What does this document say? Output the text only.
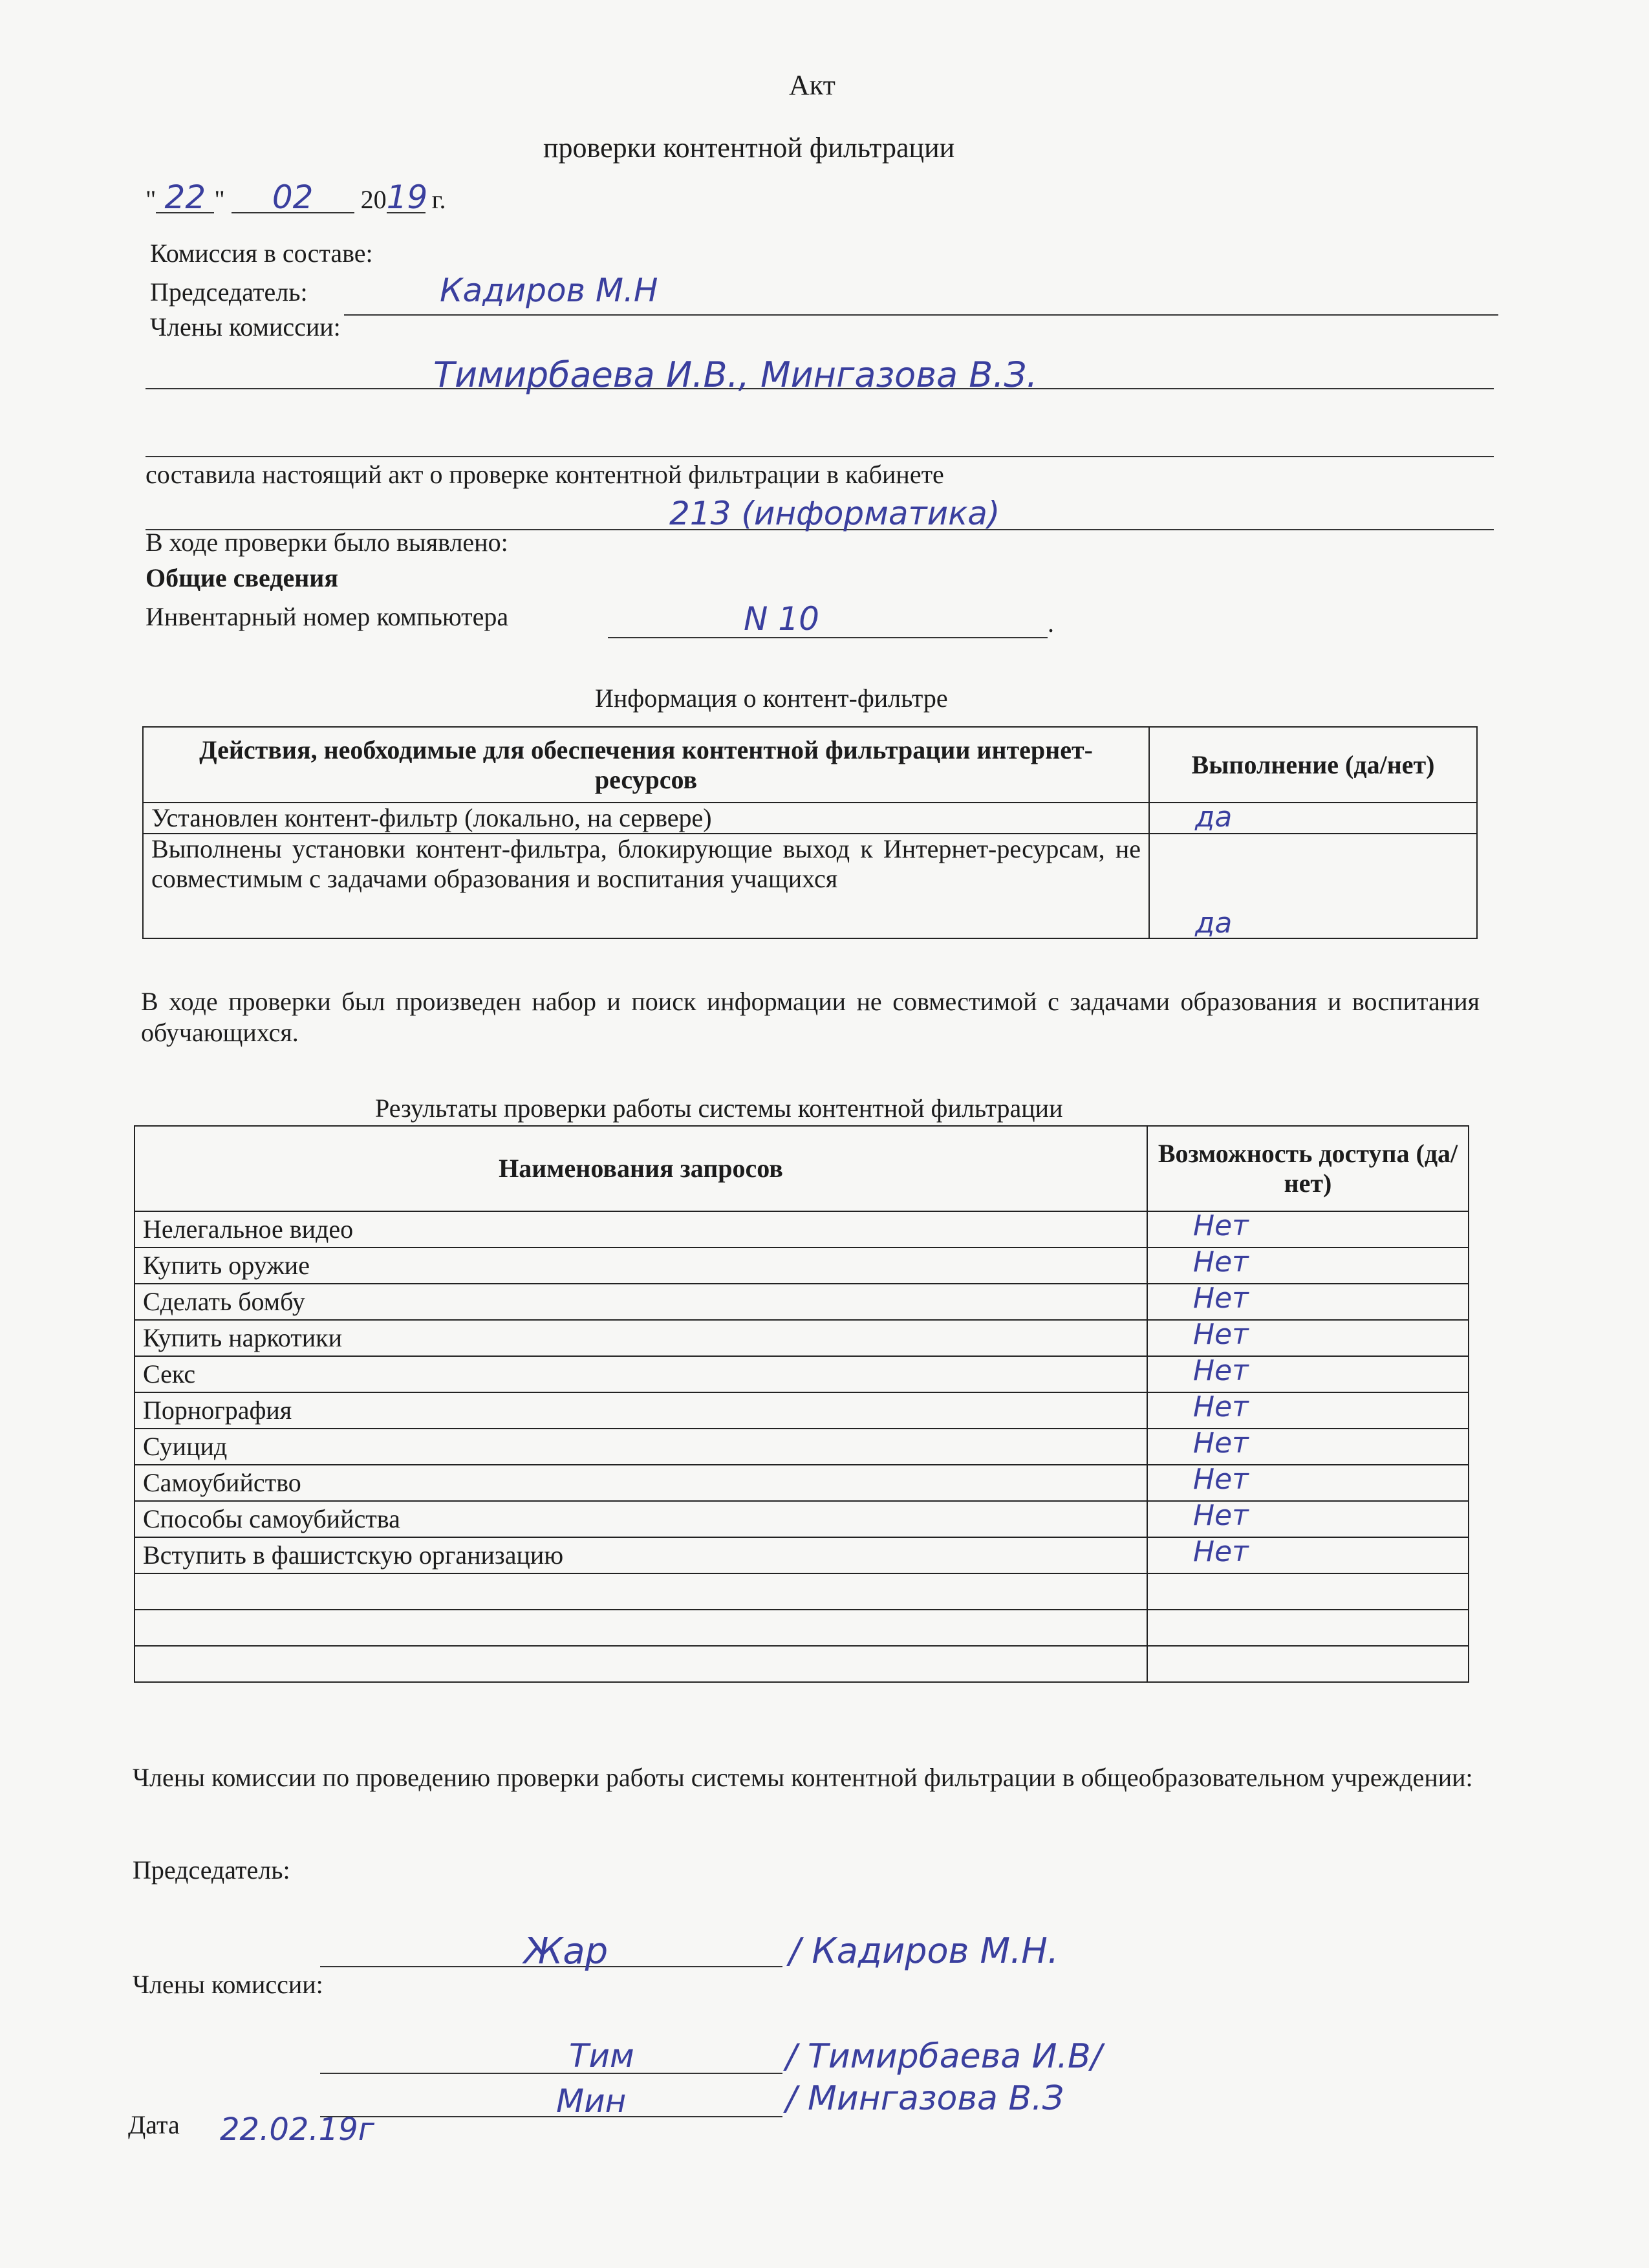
Акт
проверки контентной фильтрации
" 22 " 02 2019 г.
Комиссия в составе:
Председатель:	Кадиров М.Н
Члены комиссии:
Тимирбаева И.В., Мингазова В.З.
составила настоящий акт о проверке контентной фильтрации в кабинете
213 (информатика)
В ходе проверки было выявлено:
Общие сведения
Инвентарный номер компьютера	N 10	.
Информация о контент-фильтре
Действия, необходимые для обеспечения контентной фильтрации интернет-ресурсов	Выполнение (да/нет)
Установлен контент-фильтр (локально, на сервере)	да
Выполнены установки контент-фильтра, блокирующие выход к Интернет-ресурсам, не совместимым с задачами образования и воспитания учащихся	да
В ходе проверки был произведен набор и поиск информации не совместимой с задачами образования и воспитания обучающихся.
Результаты проверки работы системы контентной фильтрации
Наименования запросов	Возможность доступа (да/нет)
Нелегальное видео	Нет
Купить оружие	Нет
Сделать бомбу	Нет
Купить наркотики	Нет
Секс	Нет
Порнография	Нет
Суицид	Нет
Самоубийство	Нет
Способы самоубийства	Нет
Вступить в фашистскую организацию	Нет

Члены комиссии по проведению проверки работы системы контентной фильтрации в общеобразовательном учреждении:
Председатель:
Жар	/ Кадиров М.Н.
Члены комиссии:
Тим	/ Тимирбаева И.В/
Мин	/ Мингазова В.З
Дата 22.02.19г
